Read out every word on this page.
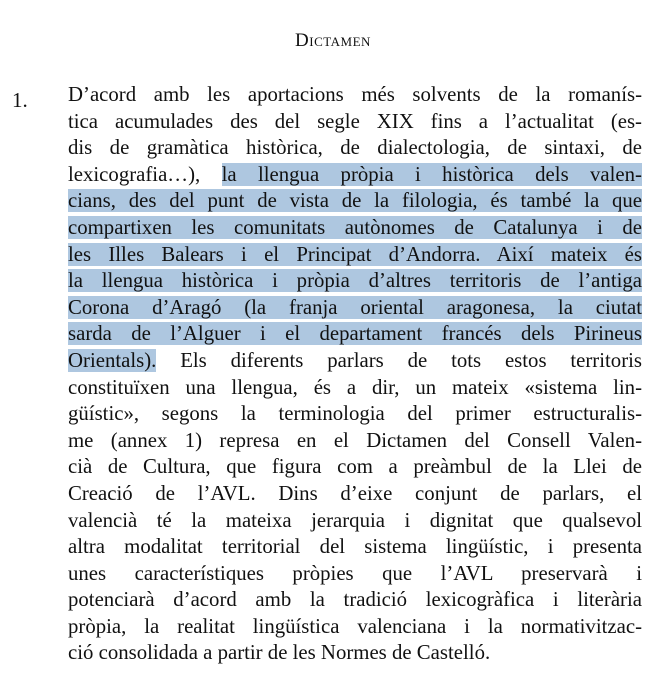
Dictamen
1. D’acord amb les aportacions més solvents de la romanís-
tica acumulades des del segle XIX fins a l’actualitat (es-
dis de gramàtica històrica, de dialectologia, de sintaxi, de
lexicografia…), la llengua pròpia i històrica dels valen-
cians, des del punt de vista de la filologia, és també la que
compartixen les comunitats autònomes de Catalunya i de
les Illes Balears i el Principat d’Andorra. Així mateix és
la llengua històrica i pròpia d’altres territoris de l’antiga
Corona d’Aragó (la franja oriental aragonesa, la ciutat
sarda de l’Alguer i el departament francés dels Pirineus
Orientals). Els diferents parlars de tots estos territoris
constituïxen una llengua, és a dir, un mateix «sistema lin-
güístic», segons la terminologia del primer estructuralis-
me (annex 1) represa en el Dictamen del Consell Valen-
cià de Cultura, que figura com a preàmbul de la Llei de
Creació de l’AVL. Dins d’eixe conjunt de parlars, el
valencià té la mateixa jerarquia i dignitat que qualsevol
altra modalitat territorial del sistema lingüístic, i presenta
unes característiques pròpies que l’AVL preservarà i
potenciarà d’acord amb la tradició lexicogràfica i literària
pròpia, la realitat lingüística valenciana i la normativitzac-
ció consolidada a partir de les Normes de Castelló.
